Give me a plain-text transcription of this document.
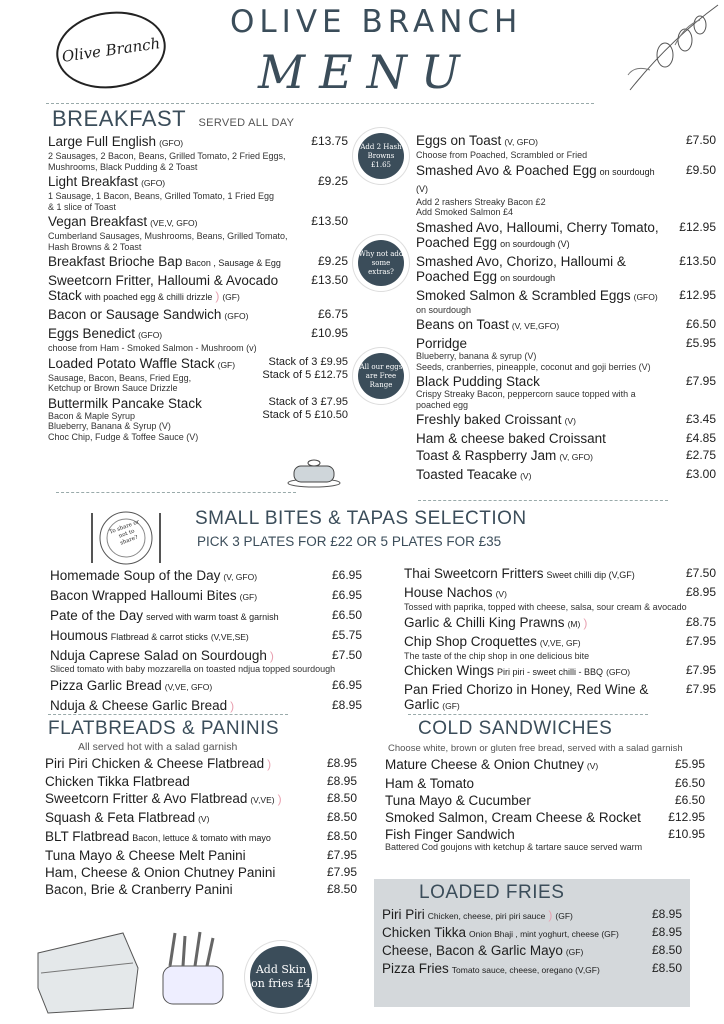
Olive Branch
OLIVE BRANCH
MENU
BREAKFAST SERVED ALL DAY
Large Full English (GFO)
2 Sausages, 2 Bacon, Beans, Grilled Tomato, 2 Fried Eggs,
Mushrooms, Black Pudding & 2 Toast
£13.75
Light Breakfast (GFO)
1 Sausage, 1 Bacon, Beans, Grilled Tomato, 1 Fried Egg
& 1 slice of Toast
£9.25
Vegan Breakfast (VE,V, GFO)
Cumberland Sausages, Mushrooms, Beans, Grilled Tomato,
Hash Browns & 2 Toast
£13.50
Breakfast Brioche Bap Bacon , Sausage & Egg	£9.25
Sweetcorn Fritter, Halloumi & Avocado Stack with poached egg & chilli drizzle ) (GF)
£13.50
Bacon or Sausage Sandwich (GFO)	£6.75
Eggs Benedict (GFO)
choose from Ham - Smoked Salmon - Mushroom (v)
£10.95
Loaded Potato Waffle Stack (GF)
Sausage, Bacon, Beans, Fried Egg,
Ketchup or Brown Sauce Drizzle
Stack of 3 £9.95
Stack of 5 £12.75
Buttermilk Pancake Stack
Bacon & Maple Syrup
Blueberry, Banana & Syrup (V)
Choc Chip, Fudge & Toffee Sauce (V)
Stack of 3 £7.95
Stack of 5 £10.50
Eggs on Toast (V, GFO)
Choose from Poached, Scrambled or Fried
£7.50
Smashed Avo & Poached Egg on sourdough (V)
Add 2 rashers Streaky Bacon £2
Add Smoked Salmon £4
£9.50
Smashed Avo, Halloumi, Cherry Tomato, Poached Egg on sourdough (V)
£12.95
Smashed Avo, Chorizo, Halloumi & Poached Egg on sourdough
£13.50
Smoked Salmon & Scrambled Eggs (GFO)
on sourdough
£12.95
Beans on Toast (V, VE,GFO)	£6.50
Porridge
Blueberry, banana & syrup (V)
Seeds, cranberries, pineapple, coconut and goji berries (V)
£5.95
Black Pudding Stack
Crispy Streaky Bacon, peppercorn sauce topped with a
poached egg
£7.95
Freshly baked Croissant (V)	£3.45
Ham & cheese baked Croissant	£4.85
Toast & Raspberry Jam (V, GFO)	£2.75
Toasted Teacake (V)	£3.00
Add 2 Hash Browns £1.65
Why not add some extras?
All our eggs are Free Range
To share or not to share?
SMALL BITES & TAPAS SELECTION
PICK 3 PLATES FOR £22 OR 5 PLATES FOR £35
Homemade Soup of the Day (V, GFO)	£6.95
Bacon Wrapped Halloumi Bites (GF)	£6.95
Pate of the Day served with warm toast & garnish	£6.50
Houmous Flatbread & carrot sticks (V,VE,SE)	£5.75
Nduja Caprese Salad on Sourdough )
Sliced tomato with baby mozzarella on toasted ndjua topped sourdough
£7.50
Pizza Garlic Bread (V,VE, GFO)	£6.95
Nduja & Cheese Garlic Bread )	£8.95
Thai Sweetcorn Fritters Sweet chilli dip (V,GF)	£7.50
House Nachos (V)
Tossed with paprika, topped with cheese, salsa, sour cream & avocado
£8.95
Garlic & Chilli King Prawns (M) )	£8.75
Chip Shop Croquettes (V,VE, GF)
The taste of the chip shop in one delicious bite
£7.95
Chicken Wings Piri piri - sweet chilli - BBQ (GFO)	£7.95
Pan Fried Chorizo in Honey, Red Wine & Garlic (GF)
£7.95
FLATBREADS & PANINIS
All served hot with a salad garnish
Piri Piri Chicken & Cheese Flatbread )	£8.95
Chicken Tikka Flatbread	£8.95
Sweetcorn Fritter & Avo Flatbread (V,VE) )	£8.50
Squash & Feta Flatbread (V)	£8.50
BLT Flatbread Bacon, lettuce & tomato with mayo	£8.50
Tuna Mayo & Cheese Melt Panini	£7.95
Ham, Cheese & Onion Chutney Panini	£7.95
Bacon, Brie & Cranberry Panini	£8.50
COLD SANDWICHES
Choose white, brown or gluten free bread, served with a salad garnish
Mature Cheese & Onion Chutney (V)	£5.95
Ham & Tomato	£6.50
Tuna Mayo & Cucumber	£6.50
Smoked Salmon, Cream Cheese & Rocket	£12.95
Fish Finger Sandwich
Battered Cod goujons with ketchup & tartare sauce served warm
£10.95
LOADED FRIES
Piri Piri Chicken, cheese, piri piri sauce ) (GF)	£8.95
Chicken Tikka Onion Bhaji , mint yoghurt, cheese (GF)	£8.95
Cheese, Bacon & Garlic Mayo (GF)	£8.50
Pizza Fries Tomato sauce, cheese, oregano (V,GF)	£8.50
Add Skin on fries £4
